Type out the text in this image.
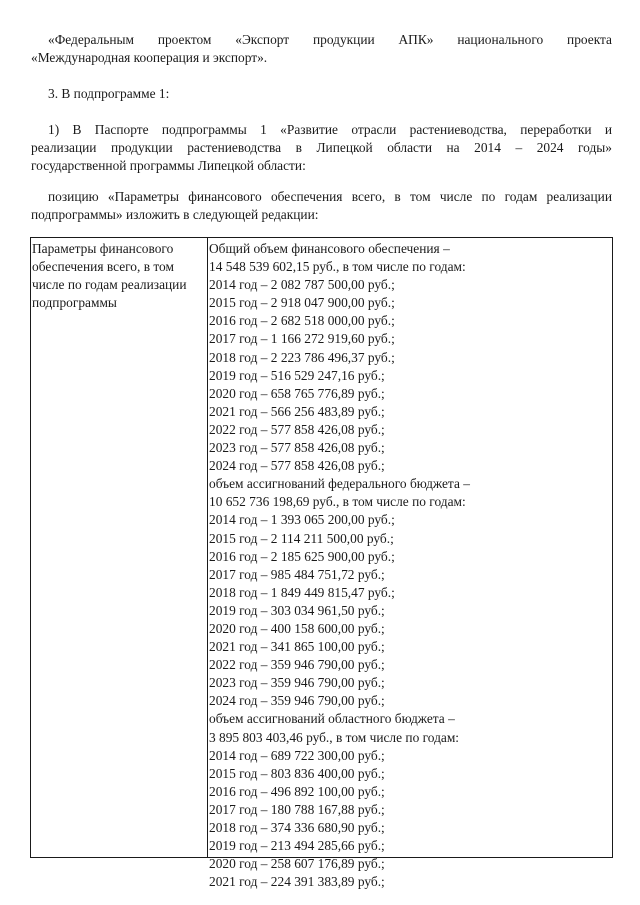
«Федеральным проектом «Экспорт продукции АПК» национального проекта

«Международная кооперация и экспорт».

3. В подпрограмме 1:

1) В Паспорте подпрограммы 1 «Развитие отрасли растениеводства, переработки и

реализации продукции растениеводства в Липецкой области на 2014 – 2024 годы»

государственной программы Липецкой области:

позицию «Параметры финансового обеспечения всего, в том числе по годам реализации

подпрограммы» изложить в следующей редакции:

Параметры финансового
обеспечения всего, в том
числе по годам реализации
подпрограммы
Общий объем финансового обеспечения –
14 548 539 602,15 руб., в том числе по годам:
2014 год – 2 082 787 500,00 руб.;
2015 год – 2 918 047 900,00 руб.;
2016 год – 2 682 518 000,00 руб.;
2017 год – 1 166 272 919,60 руб.;
2018 год – 2 223 786 496,37 руб.;
2019 год – 516 529 247,16 руб.;
2020 год – 658 765 776,89 руб.;
2021 год – 566 256 483,89 руб.;
2022 год – 577 858 426,08 руб.;
2023 год – 577 858 426,08 руб.;
2024 год – 577 858 426,08 руб.;
объем ассигнований федерального бюджета –
10 652 736 198,69 руб., в том числе по годам:
2014 год – 1 393 065 200,00 руб.;
2015 год – 2 114 211 500,00 руб.;
2016 год – 2 185 625 900,00 руб.;
2017 год – 985 484 751,72 руб.;
2018 год – 1 849 449 815,47 руб.;
2019 год – 303 034 961,50 руб.;
2020 год – 400 158 600,00 руб.;
2021 год – 341 865 100,00 руб.;
2022 год – 359 946 790,00 руб.;
2023 год – 359 946 790,00 руб.;
2024 год – 359 946 790,00 руб.;
объем ассигнований областного бюджета –
3 895 803 403,46 руб., в том числе по годам:
2014 год – 689 722 300,00 руб.;
2015 год – 803 836 400,00 руб.;
2016 год – 496 892 100,00 руб.;
2017 год – 180 788 167,88 руб.;
2018 год – 374 336 680,90 руб.;
2019 год – 213 494 285,66 руб.;
2020 год – 258 607 176,89 руб.;
2021 год – 224 391 383,89 руб.;
